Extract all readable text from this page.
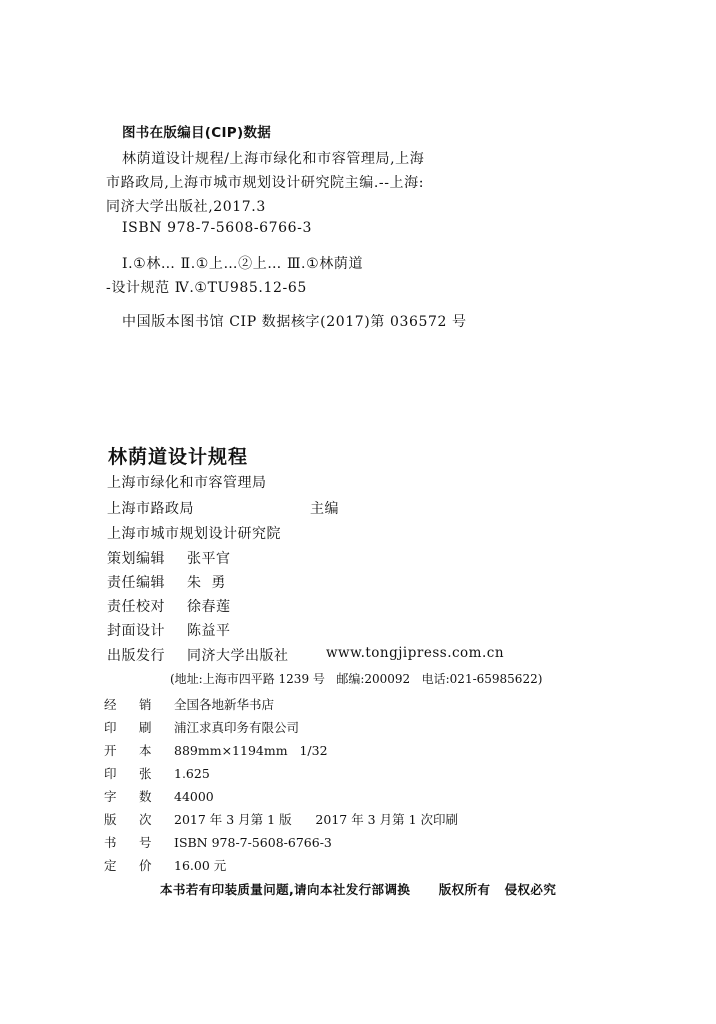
图书在版编目(CIP)数据
林荫道设计规程/上海市绿化和市容管理局,上海
市路政局,上海市城市规划设计研究院主编.--上海:
同济大学出版社,2017.3
ISBN 978-7-5608-6766-3
Ⅰ.①林… Ⅱ.①上…②上… Ⅲ.①林荫道
-设计规范 Ⅳ.①TU985.12-65
中国版本图书馆 CIP 数据核字(2017)第 036572 号
林荫道设计规程
上海市绿化和市容管理局
上海市路政局	主编
上海市城市规划设计研究院
策划编辑 张平官
责任编辑 朱  勇
责任校对 徐春莲
封面设计 陈益平
出版发行 同济大学出版社	www.tongjipress.com.cn
(地址:上海市四平路 1239 号   邮编:200092   电话:021-65985622)
经 销 全国各地新华书店
印 刷 浦江求真印务有限公司
开 本 889mm×1194mm   1/32
印 张 1.625
字 数 44000
版 次 2017 年 3 月第 1 版      2017 年 3 月第 1 次印刷
书 号 ISBN 978-7-5608-6766-3
定 价 16.00 元
本书若有印装质量问题,请向本社发行部调换      版权所有   侵权必究
